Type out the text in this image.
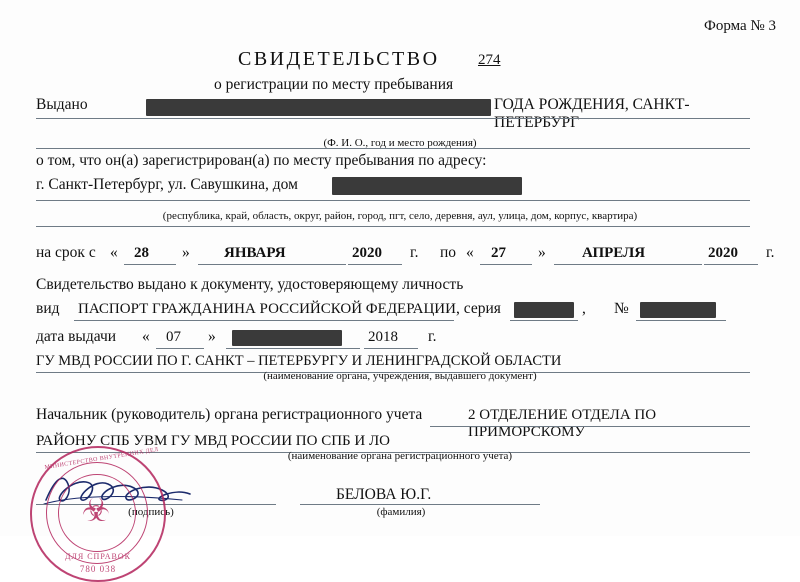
Форма № 3
СВИДЕТЕЛЬСТВО	274
о регистрации по месту пребывания
Выдано	ГОДА РОЖДЕНИЯ, САНКТ-ПЕТЕРБУРГ
(Ф. И. О., год и место рождения)
о том, что он(а) зарегистрирован(а) по месту пребывания по адресу:
г. Санкт-Петербург, ул. Савушкина, дом
(республика, край, область, округ, район, город, пгт, село, деревня, аул, улица, дом, корпус, квартира)
на срок с « 28 » ЯНВАРЯ	2020 г. по « 27 » АПРЕЛЯ	2020 г.
Свидетельство выдано к документу, удостоверяющему личность
вид ПАСПОРТ ГРАЖДАНИНА РОССИЙСКОЙ ФЕДЕРАЦИИ , серия	, №
дата выдачи « 07 »	2018 г.
ГУ МВД РОССИИ ПО Г. САНКТ – ПЕТЕРБУРГУ И ЛЕНИНГРАДСКОЙ ОБЛАСТИ
(наименование органа, учреждения, выдавшего документ)
Начальник (руководитель) органа регистрационного учета	2 ОТДЕЛЕНИЕ ОТДЕЛА ПО ПРИМОРСКОМУ
РАЙОНУ СПБ УВМ ГУ МВД РОССИИ ПО СПБ И ЛО
(наименование органа регистрационного учета)
(подпись)
БЕЛОВА Ю.Г.
(фамилия)
☣
МИНИСТЕРСТВО ВНУТРЕННИХ ДЕЛ
ДЛЯ СПРАВОК
780 038
